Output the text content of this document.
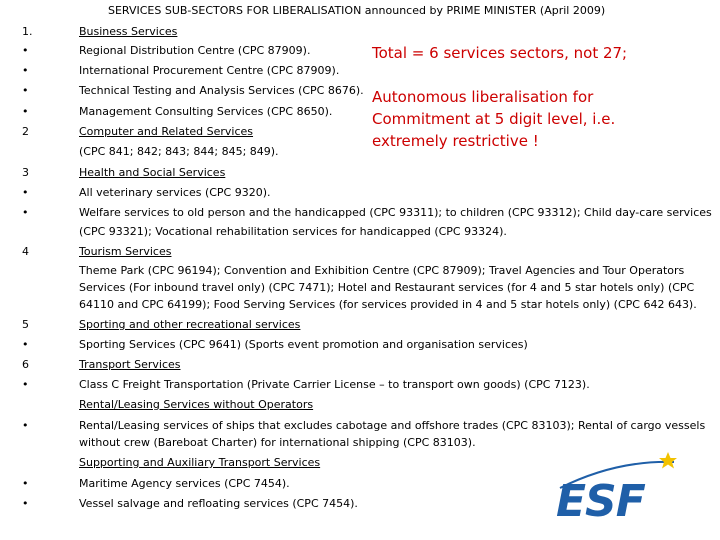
SERVICES SUB-SECTORS FOR LIBERALISATION announced by PRIME MINISTER (April 2009)
1.
•
•
•
•
2
3
•
•
4
5
•
6
•
•
•
•
Business Services
Regional Distribution Centre (CPC 87909).
International Procurement Centre (CPC 87909).
Technical Testing and Analysis Services (CPC 8676).
Management Consulting Services (CPC 8650).
Computer and Related Services
(CPC 841; 842; 843; 844; 845; 849).
Health and Social Services
All veterinary services (CPC 9320).
Welfare services to old person and the handicapped (CPC 93311); to children (CPC 93312); Child day-care services
(CPC 93321); Vocational rehabilitation services for handicapped (CPC 93324).
Tourism Services
Theme Park (CPC 96194); Convention and Exhibition Centre (CPC 87909); Travel Agencies and Tour Operators
Services (For inbound travel only) (CPC 7471); Hotel and Restaurant services (for 4 and 5 star hotels only) (CPC
64110 and CPC 64199); Food Serving Services (for services provided in 4 and 5 star hotels only) (CPC 642 643).
Sporting and other recreational services
Sporting Services (CPC 9641) (Sports event promotion and organisation services)
Transport Services
Class C Freight Transportation (Private Carrier License – to transport own goods) (CPC 7123).
Rental/Leasing Services without Operators
Rental/Leasing services of ships that excludes cabotage and offshore trades (CPC 83103); Rental of cargo vessels
without crew (Bareboat Charter) for international shipping (CPC 83103).
Supporting and Auxiliary Transport Services
Maritime Agency services (CPC 7454).
Vessel salvage and refloating services (CPC 7454).
Total = 6 services sectors, not 27;
Autonomous liberalisation for
Commitment at 5 digit level, i.e.
extremely restrictive !
ESF
